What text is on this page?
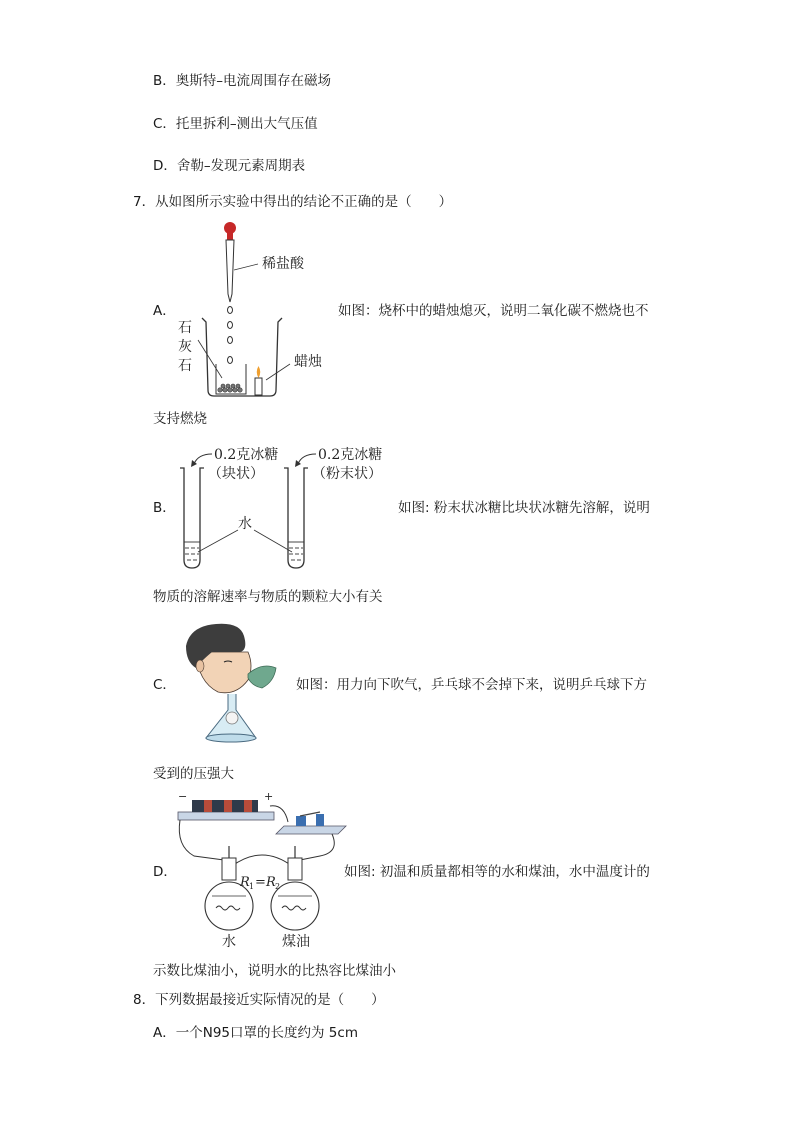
B．奥斯特–电流周围存在磁场
C．托里拆利–测出大气压值
D．舍勒–发现元素周期表
7．从如图所示实验中得出的结论不正确的是（　　）
A．	如图：烧杯中的蜡烛熄灭，说明二氧化碳不燃烧也不
支持燃烧
稀盐酸
石
灰
石	蜡烛
B．	如图: 粉末状冰糖比块状冰糖先溶解，说明
物质的溶解速率与物质的颗粒大小有关
0.2克冰糖
（块状）
0.2克冰糖
（粉末状）
水
C．	如图：用力向下吹气，乒乓球不会掉下来，说明乒乓球下方
受到的压强大
D．	如图: 初温和质量都相等的水和煤油，水中温度计的
示数比煤油小，说明水的比热容比煤油小
−	+
R 1 = R 2
水	煤油
8．下列数据最接近实际情况的是（　　）
A．一个N95口罩的长度约为 5cm
